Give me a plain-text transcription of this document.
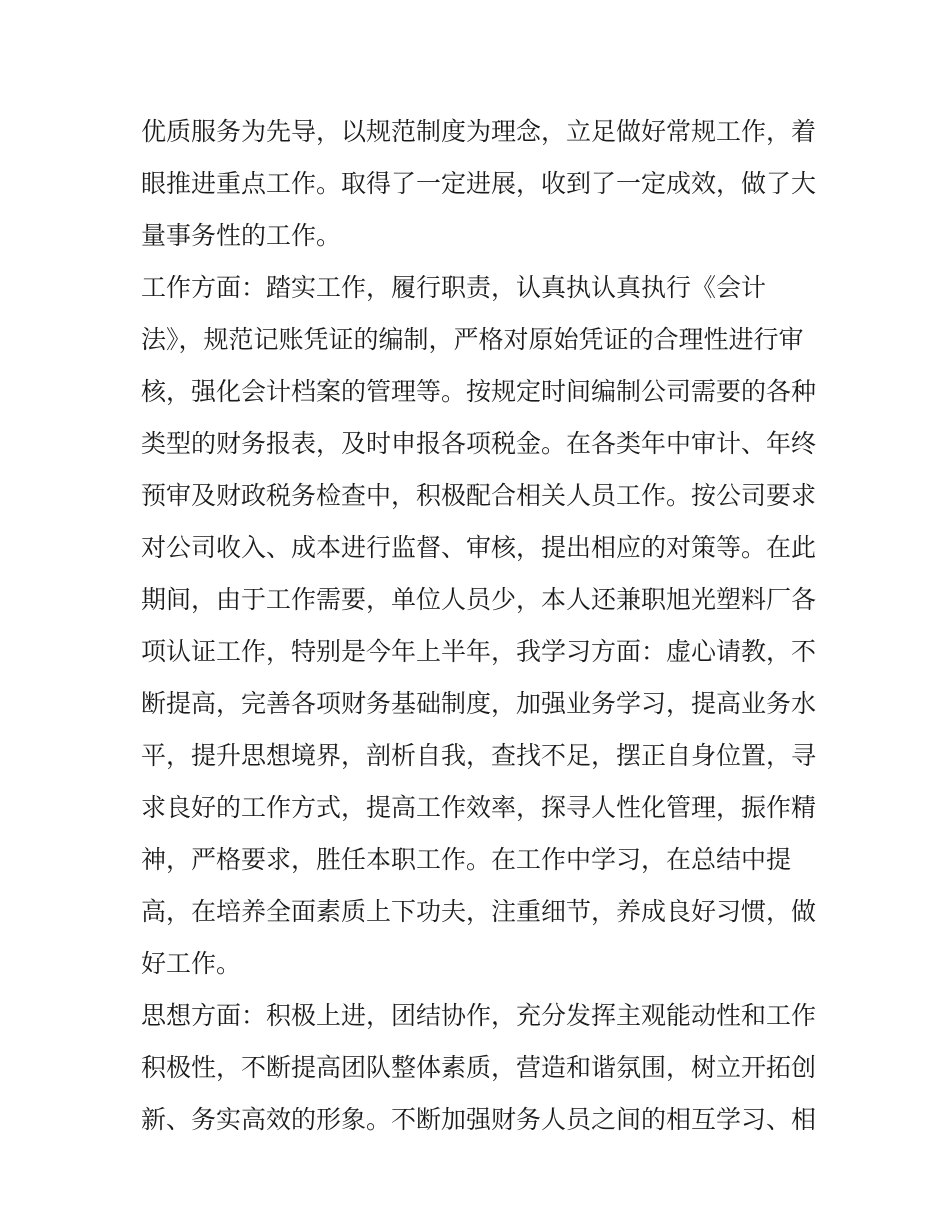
优质服务为先导，以规范制度为理念，立足做好常规工作，着
眼推进重点工作。取得了一定进展，收到了一定成效，做了大
量事务性的工作。
工作方面：踏实工作，履行职责，认真执认真执行《会计
法》，规范记账凭证的编制，严格对原始凭证的合理性进行审
核，强化会计档案的管理等。按规定时间编制公司需要的各种
类型的财务报表，及时申报各项税金。在各类年中审计、年终
预审及财政税务检查中，积极配合相关人员工作。按公司要求
对公司收入、成本进行监督、审核，提出相应的对策等。在此
期间，由于工作需要，单位人员少，本人还兼职旭光塑料厂各
项认证工作，特别是今年上半年，我学习方面：虚心请教，不
断提高，完善各项财务基础制度，加强业务学习，提高业务水
平，提升思想境界，剖析自我，查找不足，摆正自身位置，寻
求良好的工作方式，提高工作效率，探寻人性化管理，振作精
神，严格要求，胜任本职工作。在工作中学习，在总结中提
高，在培养全面素质上下功夫，注重细节，养成良好习惯，做
好工作。
思想方面：积极上进，团结协作，充分发挥主观能动性和工作
积极性，不断提高团队整体素质，营造和谐氛围，树立开拓创
新、务实高效的形象。不断加强财务人员之间的相互学习、相
